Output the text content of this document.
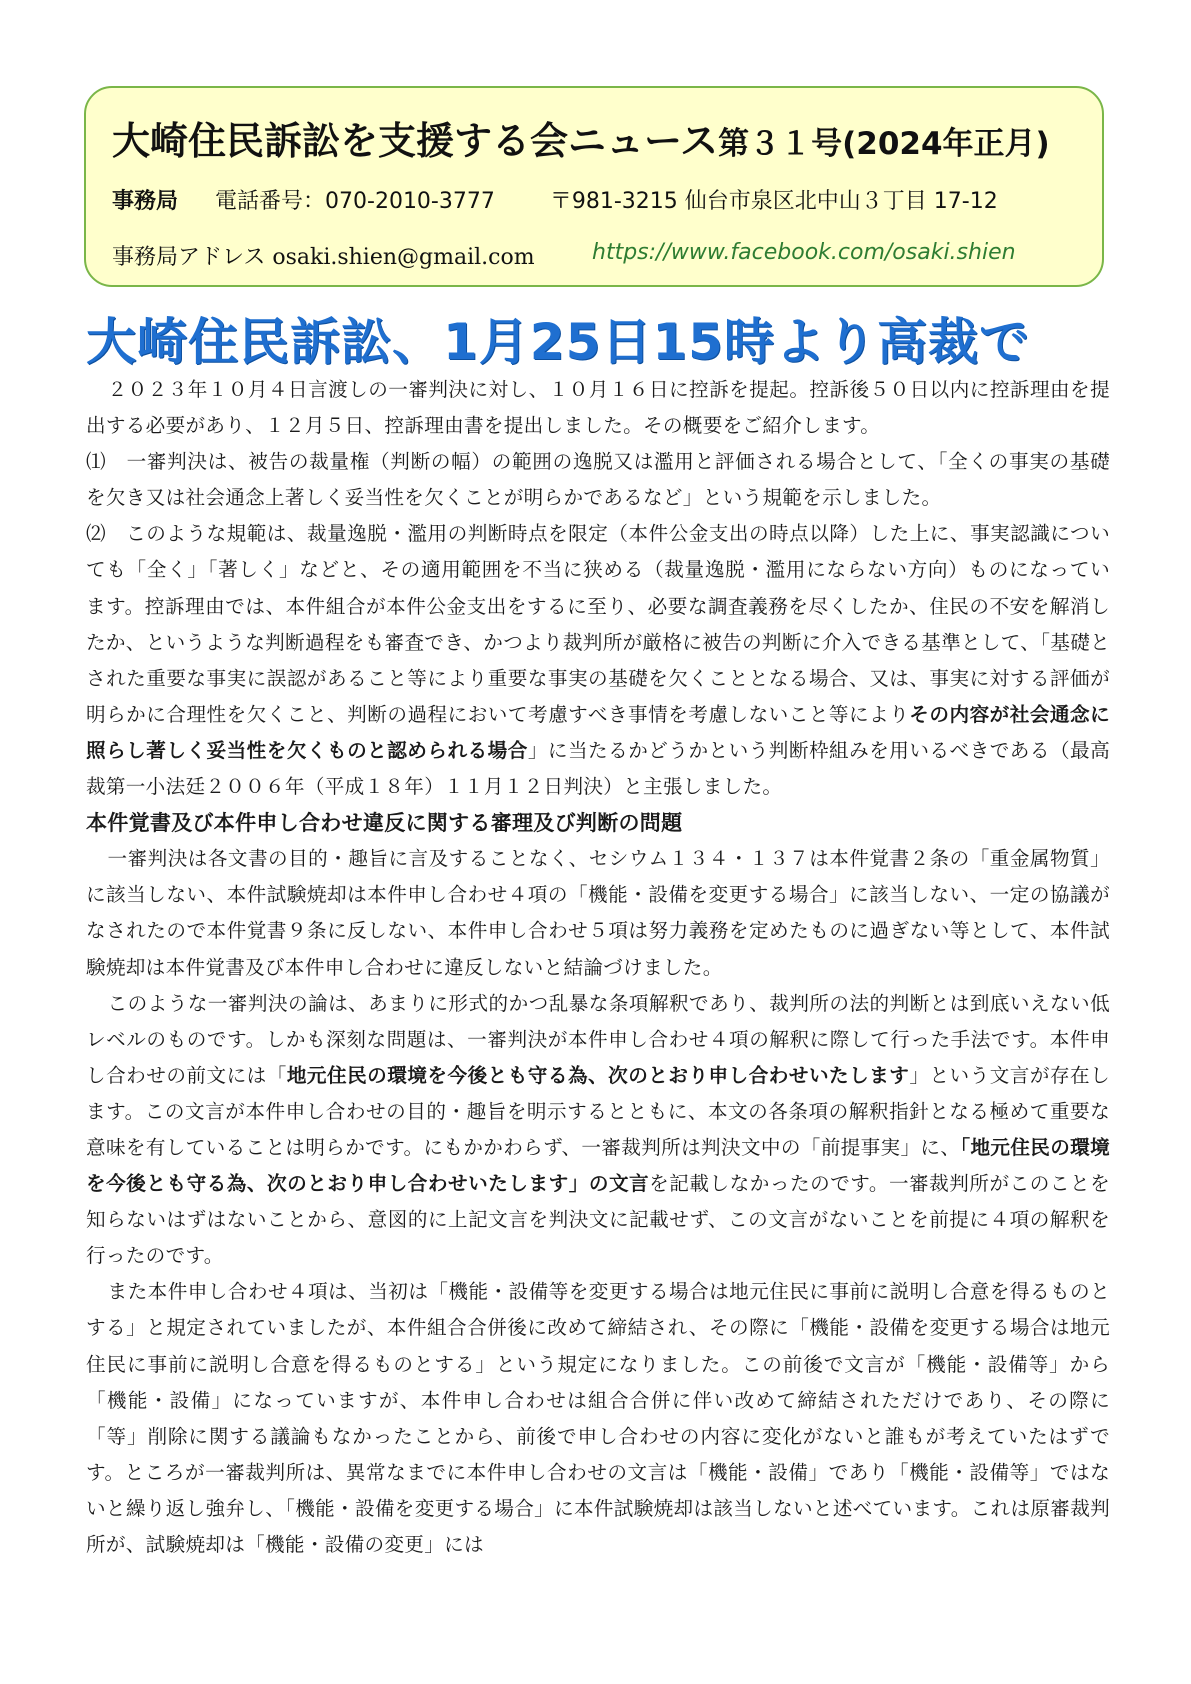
大崎住民訴訟を支援する会ニュース第３１号(2024年正月)
事務局 電話番号：070-2010-3777	〒981-3215 仙台市泉区北中山３丁目 17-12
事務局アドレス osaki.shien@gmail.com	https://www.facebook.com/osaki.shien
大崎住民訴訟、1月25日15時より高裁で

２０２３年１０月４日言渡しの一審判決に対し、１０月１６日に控訴を提起。控訴後５０日以内に控訴理由を提出する必要があり、１２月５日、控訴理由書を提出しました。その概要をご紹介します。

⑴　一審判決は、被告の裁量権（判断の幅）の範囲の逸脱又は濫用と評価される場合として、「全くの事実の基礎を欠き又は社会通念上著しく妥当性を欠くことが明らかであるなど」という規範を示しました。

⑵　このような規範は、裁量逸脱・濫用の判断時点を限定（本件公金支出の時点以降）した上に、事実認識についても「全く」「著しく」などと、その適用範囲を不当に狭める（裁量逸脱・濫用にならない方向）ものになっています。控訴理由では、本件組合が本件公金支出をするに至り、必要な調査義務を尽くしたか、住民の不安を解消したか、というような判断過程をも審査でき、かつより裁判所が厳格に被告の判断に介入できる基準として、「基礎とされた重要な事実に誤認があること等により重要な事実の基礎を欠くこととなる場合、又は、事実に対する評価が明らかに合理性を欠くこと、判断の過程において考慮すべき事情を考慮しないこと等によりその内容が社会通念に照らし著しく妥当性を欠くものと認められる場合」に当たるかどうかという判断枠組みを用いるべきである（最高裁第一小法廷２００６年（平成１８年）１１月１２日判決）と主張しました。

本件覚書及び本件申し合わせ違反に関する審理及び判断の問題

一審判決は各文書の目的・趣旨に言及することなく、セシウム１３４・１３７は本件覚書２条の「重金属物質」に該当しない、本件試験焼却は本件申し合わせ４項の「機能・設備を変更する場合」に該当しない、一定の協議がなされたので本件覚書９条に反しない、本件申し合わせ５項は努力義務を定めたものに過ぎない等として、本件試験焼却は本件覚書及び本件申し合わせに違反しないと結論づけました。

このような一審判決の論は、あまりに形式的かつ乱暴な条項解釈であり、裁判所の法的判断とは到底いえない低レベルのものです。しかも深刻な問題は、一審判決が本件申し合わせ４項の解釈に際して行った手法です。本件申し合わせの前文には「地元住民の環境を今後とも守る為、次のとおり申し合わせいたします」という文言が存在します。この文言が本件申し合わせの目的・趣旨を明示するとともに、本文の各条項の解釈指針となる極めて重要な意味を有していることは明らかです。にもかかわらず、一審裁判所は判決文中の「前提事実」に、「地元住民の環境を今後とも守る為、次のとおり申し合わせいたします」の文言を記載しなかったのです。一審裁判所がこのことを知らないはずはないことから、意図的に上記文言を判決文に記載せず、この文言がないことを前提に４項の解釈を行ったのです。

また本件申し合わせ４項は、当初は「機能・設備等を変更する場合は地元住民に事前に説明し合意を得るものとする」と規定されていましたが、本件組合合併後に改めて締結され、その際に「機能・設備を変更する場合は地元住民に事前に説明し合意を得るものとする」という規定になりました。この前後で文言が「機能・設備等」から「機能・設備」になっていますが、本件申し合わせは組合合併に伴い改めて締結されただけであり、その際に「等」削除に関する議論もなかったことから、前後で申し合わせの内容に変化がないと誰もが考えていたはずです。ところが一審裁判所は、異常なまでに本件申し合わせの文言は「機能・設備」であり「機能・設備等」ではないと繰り返し強弁し、「機能・設備を変更する場合」に本件試験焼却は該当しないと述べています。これは原審裁判所が、試験焼却は「機能・設備の変更」には
